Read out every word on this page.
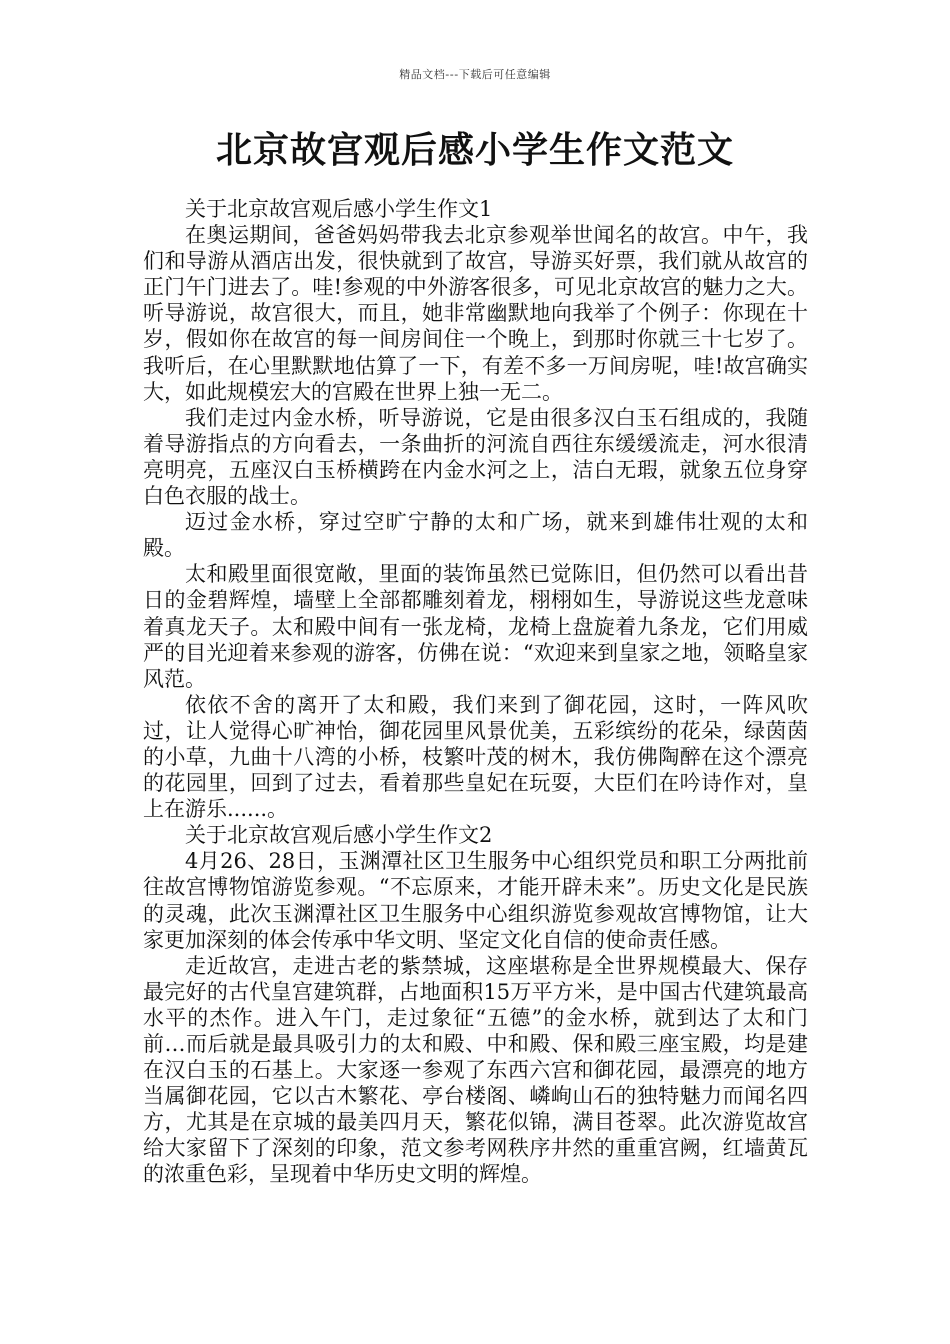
精品文档---下载后可任意编辑
北京故宫观后感小学生作文范文

关于北京故宫观后感小学生作文1

在奥运期间，爸爸妈妈带我去北京参观举世闻名的故宫。中午，我们和导游从酒店出发，很快就到了故宫，导游买好票，我们就从故宫的正门午门进去了。哇!参观的中外游客很多，可见北京故宫的魅力之大。听导游说，故宫很大，而且，她非常幽默地向我举了个例子：你现在十岁，假如你在故宫的每一间房间住一个晚上，到那时你就三十七岁了。我听后，在心里默默地估算了一下，有差不多一万间房呢，哇!故宫确实大，如此规模宏大的宫殿在世界上独一无二。

我们走过内金水桥，听导游说，它是由很多汉白玉石组成的，我随着导游指点的方向看去，一条曲折的河流自西往东缓缓流走，河水很清亮明亮，五座汉白玉桥横跨在内金水河之上，洁白无瑕，就象五位身穿白色衣服的战士。

迈过金水桥，穿过空旷宁静的太和广场，就来到雄伟壮观的太和殿。

太和殿里面很宽敞，里面的装饰虽然已觉陈旧，但仍然可以看出昔日的金碧辉煌，墙壁上全部都雕刻着龙，栩栩如生，导游说这些龙意味着真龙天子。太和殿中间有一张龙椅，龙椅上盘旋着九条龙，它们用威严的目光迎着来参观的游客，仿佛在说：“欢迎来到皇家之地，领略皇家风范。

依依不舍的离开了太和殿，我们来到了御花园，这时，一阵风吹过，让人觉得心旷神怡，御花园里风景优美，五彩缤纷的花朵，绿茵茵的小草，九曲十八湾的小桥，枝繁叶茂的树木，我仿佛陶醉在这个漂亮的花园里，回到了过去，看着那些皇妃在玩耍，大臣们在吟诗作对，皇上在游乐......。

关于北京故宫观后感小学生作文2

4月26、28日，玉渊潭社区卫生服务中心组织党员和职工分两批前往故宫博物馆游览参观。“不忘原来，才能开辟未来”。历史文化是民族的灵魂，此次玉渊潭社区卫生服务中心组织游览参观故宫博物馆，让大家更加深刻的体会传承中华文明、坚定文化自信的使命责任感。

走近故宫，走进古老的紫禁城，这座堪称是全世界规模最大、保存最完好的古代皇宫建筑群，占地面积15万平方米，是中国古代建筑最高水平的杰作。进入午门，走过象征“五德”的金水桥，就到达了太和门前…而后就是最具吸引力的太和殿、中和殿、保和殿三座宝殿，均是建在汉白玉的石基上。大家逐一参观了东西六宫和御花园，最漂亮的地方当属御花园，它以古木繁花、亭台楼阁、嶙峋山石的独特魅力而闻名四方，尤其是在京城的最美四月天，繁花似锦，满目苍翠。此次游览故宫给大家留下了深刻的印象，范文参考网秩序井然的重重宫阙，红墙黄瓦的浓重色彩，呈现着中华历史文明的辉煌。
